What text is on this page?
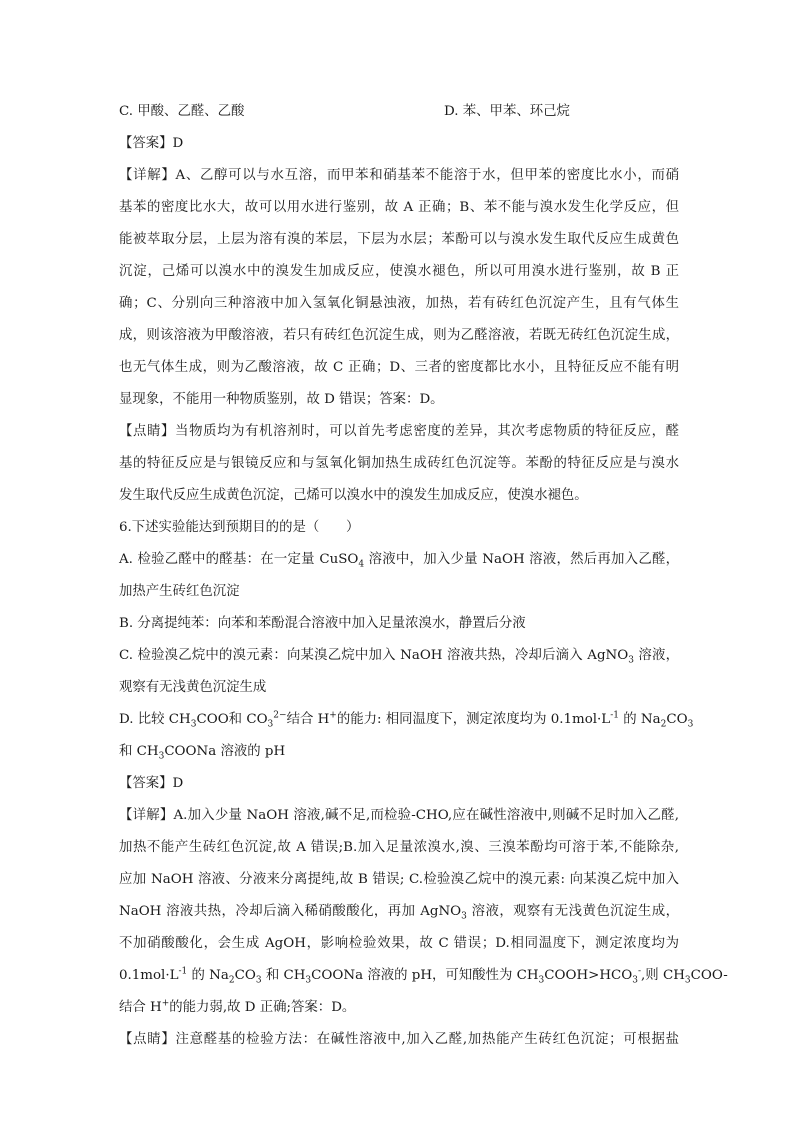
C. 甲酸、乙醛、乙酸	D. 苯、甲苯、环己烷
【答案】D
【详解】A、乙醇可以与水互溶，而甲苯和硝基苯不能溶于水，但甲苯的密度比水小，而硝
基苯的密度比水大，故可以用水进行鉴别，故 A 正确；B、苯不能与溴水发生化学反应，但
能被萃取分层，上层为溶有溴的苯层，下层为水层；苯酚可以与溴水发生取代反应生成黄色
沉淀，己烯可以溴水中的溴发生加成反应，使溴水褪色，所以可用溴水进行鉴别，故 B 正
确；C、分别向三种溶液中加入氢氧化铜悬浊液，加热，若有砖红色沉淀产生，且有气体生
成，则该溶液为甲酸溶液，若只有砖红色沉淀生成，则为乙醛溶液，若既无砖红色沉淀生成，
也无气体生成，则为乙酸溶液，故 C 正确；D、三者的密度都比水小，且特征反应不能有明
显现象，不能用一种物质鉴别，故 D 错误；答案：D。
【点睛】当物质均为有机溶剂时，可以首先考虑密度的差异，其次考虑物质的特征反应，醛
基的特征反应是与银镜反应和与氢氧化铜加热生成砖红色沉淀等。苯酚的特征反应是与溴水
发生取代反应生成黄色沉淀，己烯可以溴水中的溴发生加成反应，使溴水褪色。
6.下述实验能达到预期目的的是（　　）
A. 检验乙醛中的醛基：在一定量 CuSO$_4$ 溶液中，加入少量 NaOH 溶液，然后再加入乙醛，
加热产生砖红色沉淀
B. 分离提纯苯：向苯和苯酚混合溶液中加入足量浓溴水，静置后分液
C. 检验溴乙烷中的溴元素：向某溴乙烷中加入 NaOH 溶液共热，冷却后滴入 AgNO$_3$ 溶液，
观察有无浅黄色沉淀生成
D. 比较 $CH_3COO$和 $CO_3^{2-}$结合 H+的能力: 相同温度下，测定浓度均为 $0.1mol\cdot L^{-1}$ 的 $Na_2CO_3$
和 $CH_3COONa$ 溶液的 pH
【答案】D
【详解】A.加入少量 NaOH 溶液,碱不足,而检验-CHO,应在碱性溶液中,则碱不足时加入乙醛,
加热不能产生砖红色沉淀,故 A 错误;B.加入足量浓溴水,溴、三溴苯酚均可溶于苯,不能除杂,
应加 NaOH 溶液、分液来分离提纯,故 B 错误; C.检验溴乙烷中的溴元素: 向某溴乙烷中加入
NaOH 溶液共热，冷却后滴入稀硝酸酸化，再加 AgNO$_3$ 溶液，观察有无浅黄色沉淀生成，
不加硝酸酸化，会生成 AgOH，影响检验效果，故 C 错误；D.相同温度下，测定浓度均为
$0.1mol\cdot L^{-1}$ 的 $Na_2CO_3$ 和 $CH_3COONa$ 溶液的 pH，可知酸性为 $CH_3COOH>HCO_3^-$,则 $CH_3COO-$
结合 H+的能力弱,故 D 正确;答案：D。
【点睛】注意醛基的检验方法：在碱性溶液中,加入乙醛,加热能产生砖红色沉淀；可根据盐
